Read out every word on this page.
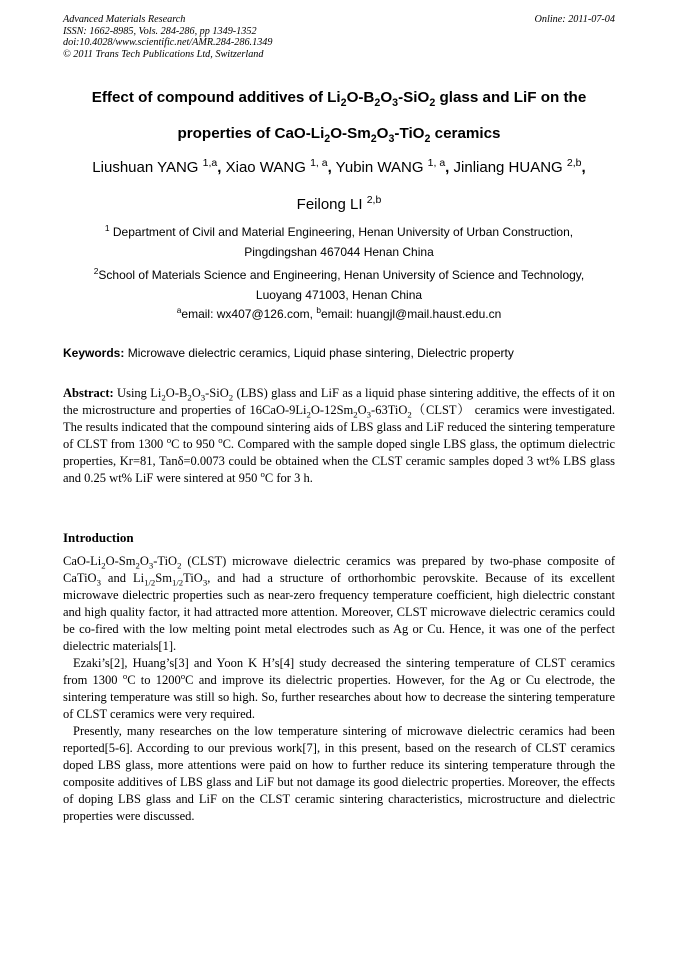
Advanced Materials Research
ISSN: 1662-8985, Vols. 284-286, pp 1349-1352
doi:10.4028/www.scientific.net/AMR.284-286.1349
© 2011 Trans Tech Publications Ltd, Switzerland
Online: 2011-07-04
Effect of compound additives of $Li_2O-B_2O_3-SiO_2$ glass and LiF on the
properties of CaO-$Li_2O-Sm_2O_3-TiO_2$ ceramics
Liushuan YANG $^{1,a}$, Xiao WANG $^{1, a}$, Yubin WANG $^{1, a}$, Jinliang HUANG $^{2,b}$,
Feilong LI $^{2,b}$
$^1$ Department of Civil and Material Engineering, Henan University of Urban Construction,
Pingdingshan 467044 Henan China
$^2$School of Materials Science and Engineering, Henan University of Science and Technology,
Luoyang 471003, Henan China
$^a$email: wx407@126.com, $^b$email: huangjl@mail.haust.edu.cn
Keywords: Microwave dielectric ceramics, Liquid phase sintering, Dielectric property
Abstract: Using $Li_2O-B_2O_3-SiO_2$ (LBS) glass and LiF as a liquid phase sintering additive, the effects of it on the microstructure and properties of $16CaO-9Li_2O-12Sm_2O_3-63TiO_2(CLST)$ ceramics were investigated. The results indicated that the compound sintering aids of LBS glass and LiF reduced the sintering temperature of CLST from 1300 $^o$C to 950 $^o$C. Compared with the sample doped single LBS glass, the optimum dielectric properties, Kr=81, Tanδ=0.0073 could be obtained when the CLST ceramic samples doped 3 wt% LBS glass and 0.25 wt% LiF were sintered at 950 $^o$C for 3 h.
Introduction

CaO-$Li_2O-Sm_2O_3-TiO_2$ (CLST) microwave dielectric ceramics was prepared by two-phase composite of CaTiO$_3$ and $Li_{1/2}Sm_{1/2}TiO_3$, and had a structure of orthorhombic perovskite. Because of its excellent microwave dielectric properties such as near-zero frequency temperature coefficient, high dielectric constant and high quality factor, it had attracted more attention. Moreover, CLST microwave dielectric ceramics could be co-fired with the low melting point metal electrodes such as Ag or Cu. Hence, it was one of the perfect dielectric materials[1].

Ezaki’s[2], Huang’s[3] and Yoon K H’s[4] study decreased the sintering temperature of CLST ceramics from 1300 $^o$C to 1200$^o$C and improve its dielectric properties. However, for the Ag or Cu electrode, the sintering temperature was still so high. So, further researches about how to decrease the sintering temperature of CLST ceramics were very required.

Presently, many researches on the low temperature sintering of microwave dielectric ceramics had been reported[5-6]. According to our previous work[7], in this present, based on the research of CLST ceramics doped LBS glass, more attentions were paid on how to further reduce its sintering temperature through the composite additives of LBS glass and LiF but not damage its good dielectric properties. Moreover, the effects of doping LBS glass and LiF on the CLST ceramic sintering characteristics, microstructure and dielectric properties were discussed.
